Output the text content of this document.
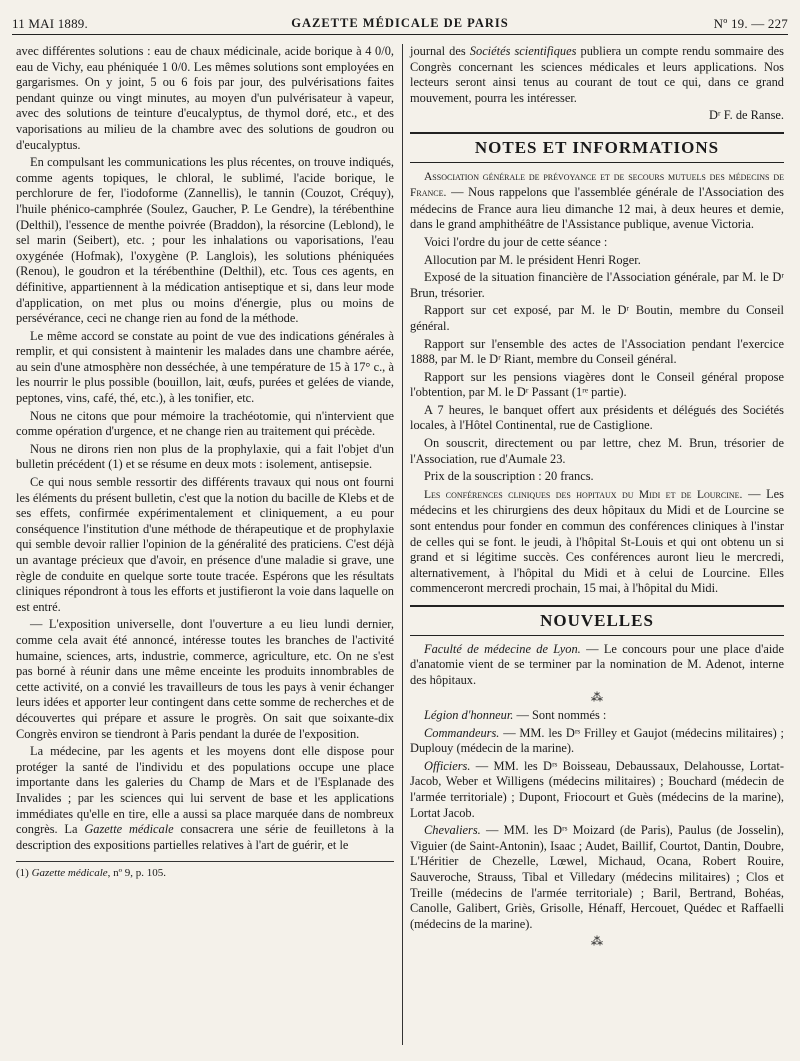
11 MAI 1889.	GAZETTE MÉDICALE DE PARIS	Nº 19. — 227

avec différentes solutions : eau de chaux médicinale, acide borique à 4 0/0, eau de Vichy, eau phéniquée 1 0/0. Les mêmes solutions sont employées en gargarismes. On y joint, 5 ou 6 fois par jour, des pulvérisations faites pendant quinze ou vingt minutes, au moyen d'un pulvérisateur à vapeur, avec des solutions de teinture d'eucalyptus, de thymol doré, etc., et des vaporisations au milieu de la chambre avec des solutions de goudron ou d'eucalyptus.

En compulsant les communications les plus récentes, on trouve indiqués, comme agents topiques, le chloral, le sublimé, l'acide borique, le perchlorure de fer, l'iodoforme (Zannellis), le tannin (Couzot, Créquy), l'huile phénico-camphrée (Soulez, Gaucher, P. Le Gendre), la térébenthine (Delthil), l'essence de menthe poivrée (Braddon), la résorcine (Leblond), le sel marin (Seibert), etc. ; pour les inhalations ou vaporisations, l'eau oxygénée (Hofmak), l'oxygène (P. Langlois), les solutions phéniquées (Renou), le goudron et la térébenthine (Delthil), etc. Tous ces agents, en définitive, appartiennent à la médication antiseptique et si, dans leur mode d'application, on met plus ou moins d'énergie, plus ou moins de persévérance, ceci ne change rien au fond de la méthode.

Le même accord se constate au point de vue des indications générales à remplir, et qui consistent à maintenir les malades dans une chambre aérée, au sein d'une atmosphère non desséchée, à une température de 15 à 17° c., à les nourrir le plus possible (bouillon, lait, œufs, purées et gelées de viande, peptones, vins, café, thé, etc.), à les tonifier, etc.

Nous ne citons que pour mémoire la trachéotomie, qui n'intervient que comme opération d'urgence, et ne change rien au traitement qui précède.

Nous ne dirons rien non plus de la prophylaxie, qui a fait l'objet d'un bulletin précédent (1) et se résume en deux mots : isolement, antisepsie.

Ce qui nous semble ressortir des différents travaux qui nous ont fourni les éléments du présent bulletin, c'est que la notion du bacille de Klebs et de ses effets, confirmée expérimentalement et cliniquement, a eu pour conséquence l'institution d'une méthode de thérapeutique et de prophylaxie qui semble devoir rallier l'opinion de la généralité des praticiens. C'est déjà un avantage précieux que d'avoir, en présence d'une maladie si grave, une règle de conduite en quelque sorte toute tracée. Espérons que les résultats cliniques répondront à tous les efforts et justifieront la voie dans laquelle on est entré.

— L'exposition universelle, dont l'ouverture a eu lieu lundi dernier, comme cela avait été annoncé, intéresse toutes les branches de l'activité humaine, sciences, arts, industrie, commerce, agriculture, etc. On ne s'est pas borné à réunir dans une même enceinte les produits innombrables de cette activité, on a convié les travailleurs de tous les pays à venir échanger leurs idées et apporter leur contingent dans cette somme de recherches et de découvertes qui prépare et assure le progrès. On sait que soixante-dix Congrès environ se tiendront à Paris pendant la durée de l'exposition.

La médecine, par les agents et les moyens dont elle dispose pour protéger la santé de l'individu et des populations occupe une place importante dans les galeries du Champ de Mars et de l'Esplanade des Invalides ; par les sciences qui lui servent de base et les applications immédiates qu'elle en tire, elle a aussi sa place marquée dans de nombreux congrès. La Gazette médicale consacrera une série de feuilletons à la description des expositions partielles relatives à l'art de guérir, et le

(1) Gazette médicale, nº 9, p. 105.

journal des Sociétés scientifiques publiera un compte rendu sommaire des Congrès concernant les sciences médicales et leurs applications. Nos lecteurs seront ainsi tenus au courant de tout ce qui, dans ce grand mouvement, pourra les intéresser.

Dʳ F. de Ranse.

NOTES ET INFORMATIONS

Association générale de prévoyance et de secours mutuels des médecins de France. — Nous rappelons que l'assemblée générale de l'Association des médecins de France aura lieu dimanche 12 mai, à deux heures et demie, dans le grand amphithéâtre de l'Assistance publique, avenue Victoria.

Voici l'ordre du jour de cette séance :

Allocution par M. le président Henri Roger.

Exposé de la situation financière de l'Association générale, par M. le Dʳ Brun, trésorier.

Rapport sur cet exposé, par M. le Dʳ Boutin, membre du Conseil général.

Rapport sur l'ensemble des actes de l'Association pendant l'exercice 1888, par M. le Dʳ Riant, membre du Conseil général.

Rapport sur les pensions viagères dont le Conseil général propose l'obtention, par M. le Dʳ Passant (1ʳᵉ partie).

A 7 heures, le banquet offert aux présidents et délégués des Sociétés locales, à l'Hôtel Continental, rue de Castiglione.

On souscrit, directement ou par lettre, chez M. Brun, trésorier de l'Association, rue d'Aumale 23.

Prix de la souscription : 20 francs.

Les conférences cliniques des hopitaux du Midi et de Lourcine. — Les médecins et les chirurgiens des deux hôpitaux du Midi et de Lourcine se sont entendus pour fonder en commun des conférences cliniques à l'instar de celles qui se font. le jeudi, à l'hôpital St-Louis et qui ont obtenu un si grand et si légitime succès. Ces conférences auront lieu le mercredi, alternativement, à l'hôpital du Midi et à celui de Lourcine. Elles commenceront mercredi prochain, 15 mai, à l'hôpital du Midi.

NOUVELLES

Faculté de médecine de Lyon. — Le concours pour une place d'aide d'anatomie vient de se terminer par la nomination de M. Adenot, interne des hôpitaux.

⁂

Légion d'honneur. — Sont nommés :

Commandeurs. — MM. les Dʳˢ Frilley et Gaujot (médecins militaires) ; Duplouy (médecin de la marine).

Officiers. — MM. les Dʳˢ Boisseau, Debaussaux, Delahousse, Lortat-Jacob, Weber et Willigens (médecins militaires) ; Bouchard (médecin de l'armée territoriale) ; Dupont, Friocourt et Guès (médecins de la marine), Lortat Jacob.

Chevaliers. — MM. les Dʳˢ Moizard (de Paris), Paulus (de Josselin), Viguier (de Saint-Antonin), Isaac ; Audet, Baillif, Courtot, Dantin, Doubre, L'Héritier de Chezelle, Lœwel, Michaud, Ocana, Robert Rouire, Sauveroche, Strauss, Tibal et Villedary (médecins militaires) ; Clos et Treille (médecins de l'armée territoriale) ; Baril, Bertrand, Bohéas, Canolle, Galibert, Griès, Grisolle, Hénaff, Hercouet, Quédec et Raffaelli (médecins de la marine).

⁂
